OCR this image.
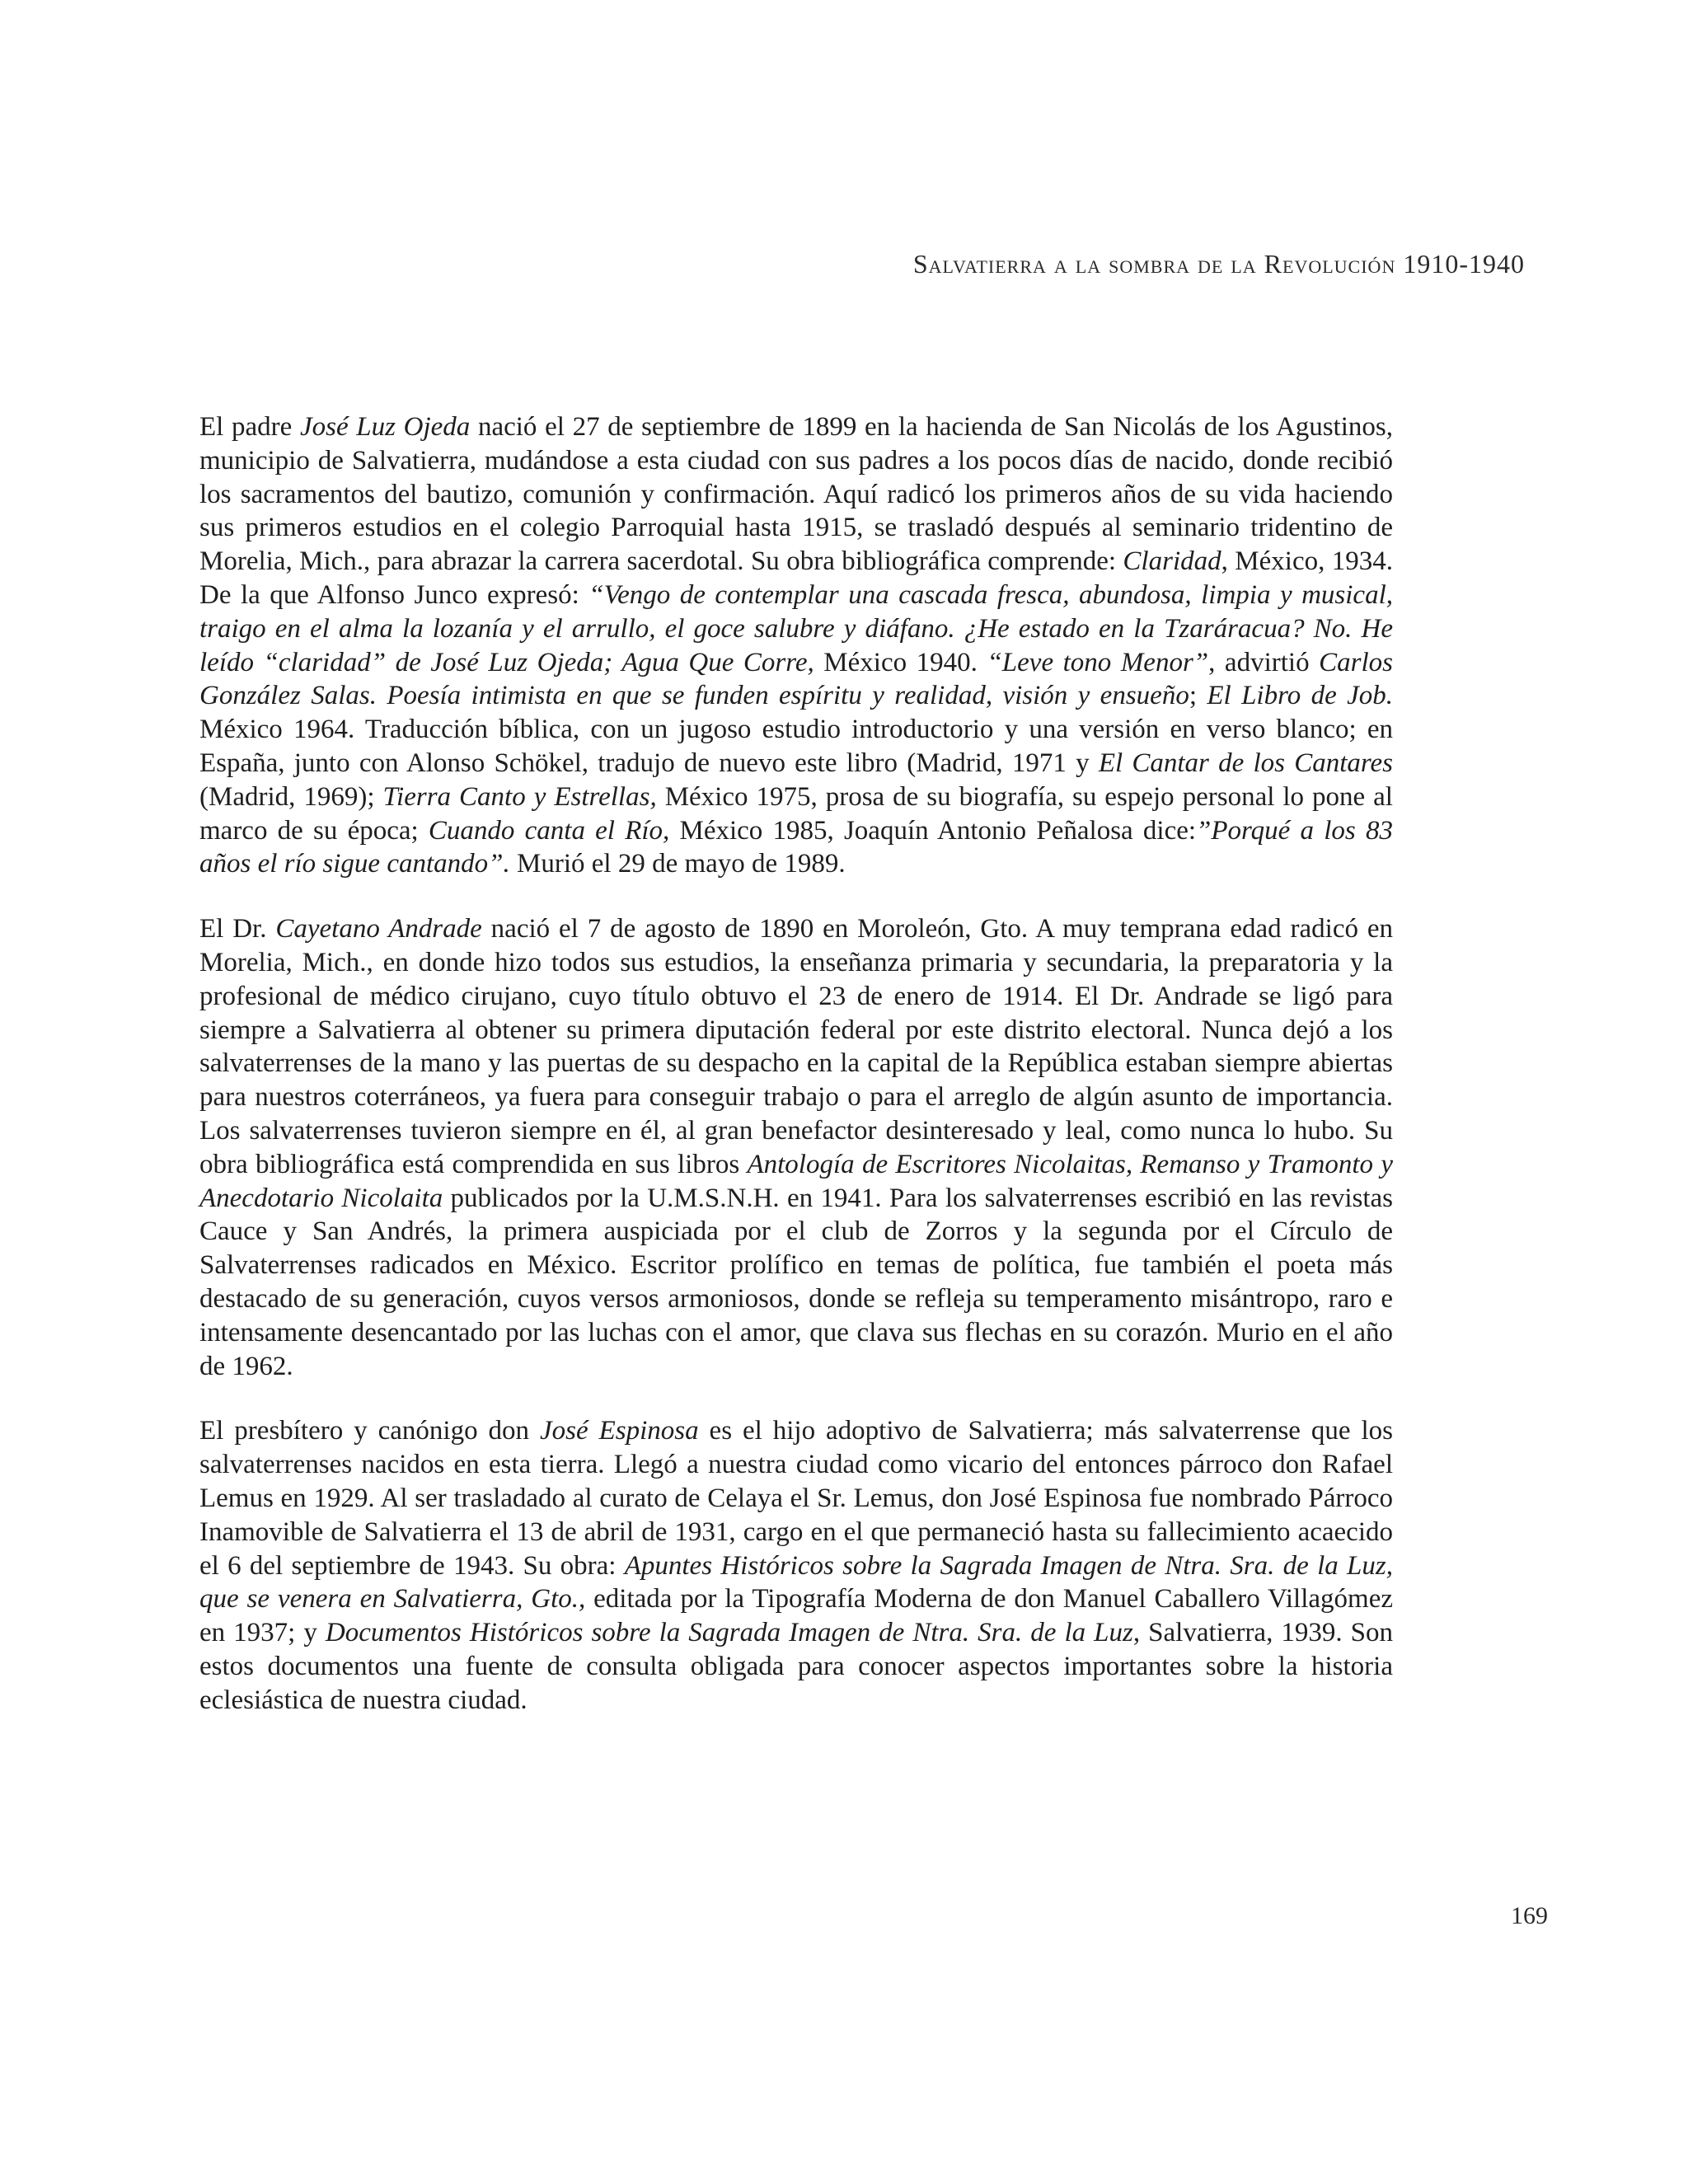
Salvatierra a la sombra de la Revolución 1910-1940

El padre José Luz Ojeda nació el 27 de septiembre de 1899 en la hacienda de San Nicolás de los Agustinos, municipio de Salvatierra, mudándose a esta ciudad con sus padres a los pocos días de nacido, donde recibió los sacramentos del bautizo, comunión y confirmación. Aquí radicó los primeros años de su vida haciendo sus primeros estudios en el colegio Parroquial hasta 1915, se trasladó después al seminario tridentino de Morelia, Mich., para abrazar la carrera sacerdotal. Su obra bibliográfica comprende: Claridad, México, 1934. De la que Alfonso Junco expresó: “Vengo de contemplar una cascada fresca, abundosa, limpia y musical, traigo en el alma la lozanía y el arrullo, el goce salubre y diáfano. ¿He estado en la Tzaráracua? No. He leído “claridad” de José Luz Ojeda; Agua Que Corre, México 1940. “Leve tono Menor”, advirtió Carlos González Salas. Poesía intimista en que se funden espíritu y realidad, visión y ensueño; El Libro de Job. México 1964. Traducción bíblica, con un jugoso estudio introductorio y una versión en verso blanco; en España, junto con Alonso Schökel, tradujo de nuevo este libro (Madrid, 1971 y El Cantar de los Cantares (Madrid, 1969); Tierra Canto y Estrellas, México 1975, prosa de su biografía, su espejo personal lo pone al marco de su época; Cuando canta el Río, México 1985, Joaquín Antonio Peñalosa dice:”Porqué a los 83 años el río sigue cantando”. Murió el 29 de mayo de 1989.

El Dr. Cayetano Andrade nació el 7 de agosto de 1890 en Moroleón, Gto. A muy temprana edad radicó en Morelia, Mich., en donde hizo todos sus estudios, la enseñanza primaria y secundaria, la preparatoria y la profesional de médico cirujano, cuyo título obtuvo el 23 de enero de 1914. El Dr. Andrade se ligó para siempre a Salvatierra al obtener su primera diputación federal por este distrito electoral. Nunca dejó a los salvaterrenses de la mano y las puertas de su despacho en la capital de la República estaban siempre abiertas para nuestros coterráneos, ya fuera para conseguir trabajo o para el arreglo de algún asunto de importancia. Los salvaterrenses tuvieron siempre en él, al gran benefactor desinteresado y leal, como nunca lo hubo. Su obra bibliográfica está comprendida en sus libros Antología de Escritores Nicolaitas, Remanso y Tramonto y Anecdotario Nicolaita publicados por la U.M.S.N.H. en 1941. Para los salvaterrenses escribió en las revistas Cauce y San Andrés, la primera auspiciada por el club de Zorros y la segunda por el Círculo de Salvaterrenses radicados en México. Escritor prolífico en temas de política, fue también el poeta más destacado de su generación, cuyos versos armoniosos, donde se refleja su temperamento misántropo, raro e intensamente desencantado por las luchas con el amor, que clava sus flechas en su corazón. Murio en el año de 1962.

El presbítero y canónigo don José Espinosa es el hijo adoptivo de Salvatierra; más salvaterrense que los salvaterrenses nacidos en esta tierra. Llegó a nuestra ciudad como vicario del entonces párroco don Rafael Lemus en 1929. Al ser trasladado al curato de Celaya el Sr. Lemus, don José Espinosa fue nombrado Párroco Inamovible de Salvatierra el 13 de abril de 1931, cargo en el que permaneció hasta su fallecimiento acaecido el 6 del septiembre de 1943. Su obra: Apuntes Históricos sobre la Sagrada Imagen de Ntra. Sra. de la Luz, que se venera en Salvatierra, Gto., editada por la Tipografía Moderna de don Manuel Caballero Villagómez en 1937; y Documentos Históricos sobre la Sagrada Imagen de Ntra. Sra. de la Luz, Salvatierra, 1939. Son estos documentos una fuente de consulta obligada para conocer aspectos importantes sobre la historia eclesiástica de nuestra ciudad.

169
